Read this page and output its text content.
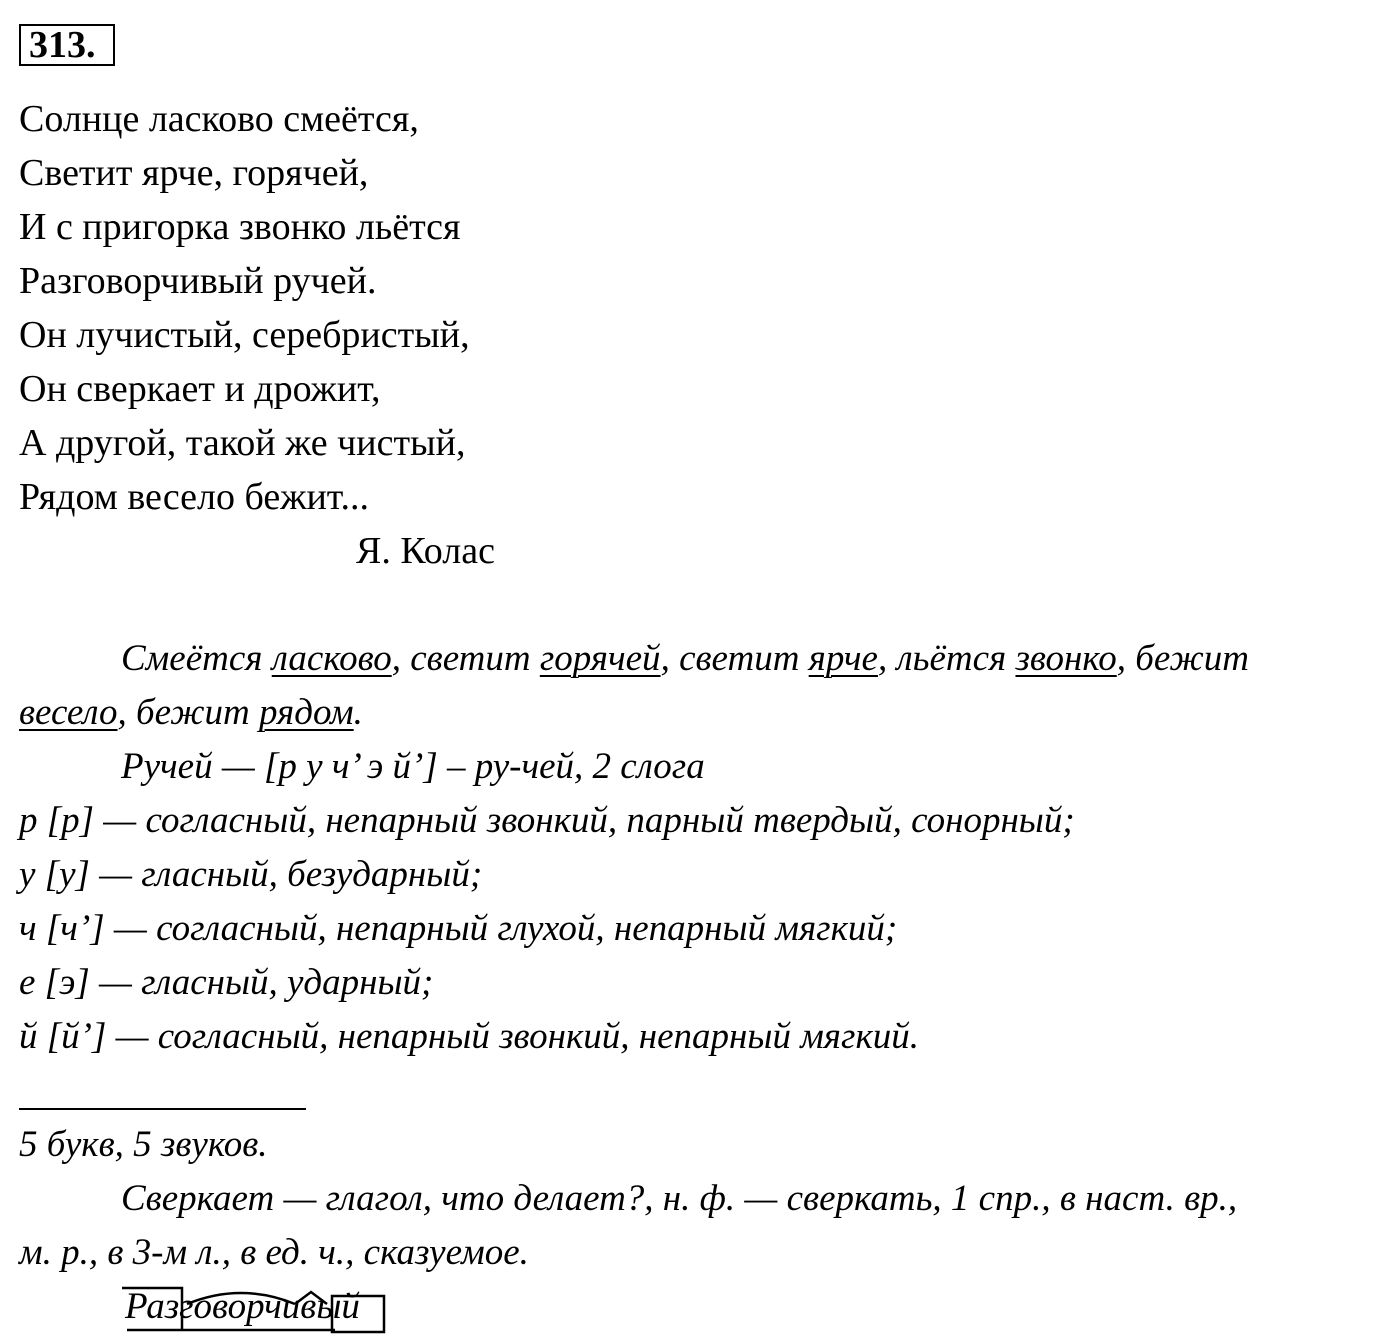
313.
Солнце ласково смеётся,
Светит ярче, горячей,
И с пригорка звонко льётся
Разговорчивый ручей.
Он лучистый, серебристый,
Он сверкает и дрожит,
А другой, такой же чистый,
Рядом весело бежит...
Я. Колас
Смеётся ласково, светит горячей, светит ярче, льётся звонко, бежит
весело, бежит рядом.
Ручей — [р у ч’ э й’] – ру-чей, 2 слога
р [р] — согласный, непарный звонкий, парный твердый, сонорный;
у [у] — гласный, безударный;
ч [ч’] — согласный, непарный глухой, непарный мягкий;
е [э] — гласный, ударный;
й [й’] — согласный, непарный звонкий, непарный мягкий.
5 букв, 5 звуков.
Сверкает — глагол, что делает?, н. ф. — сверкать, 1 спр., в наст. вр.,
м. р., в 3-м л., в ед. ч., сказуемое.
Разговорчивый
